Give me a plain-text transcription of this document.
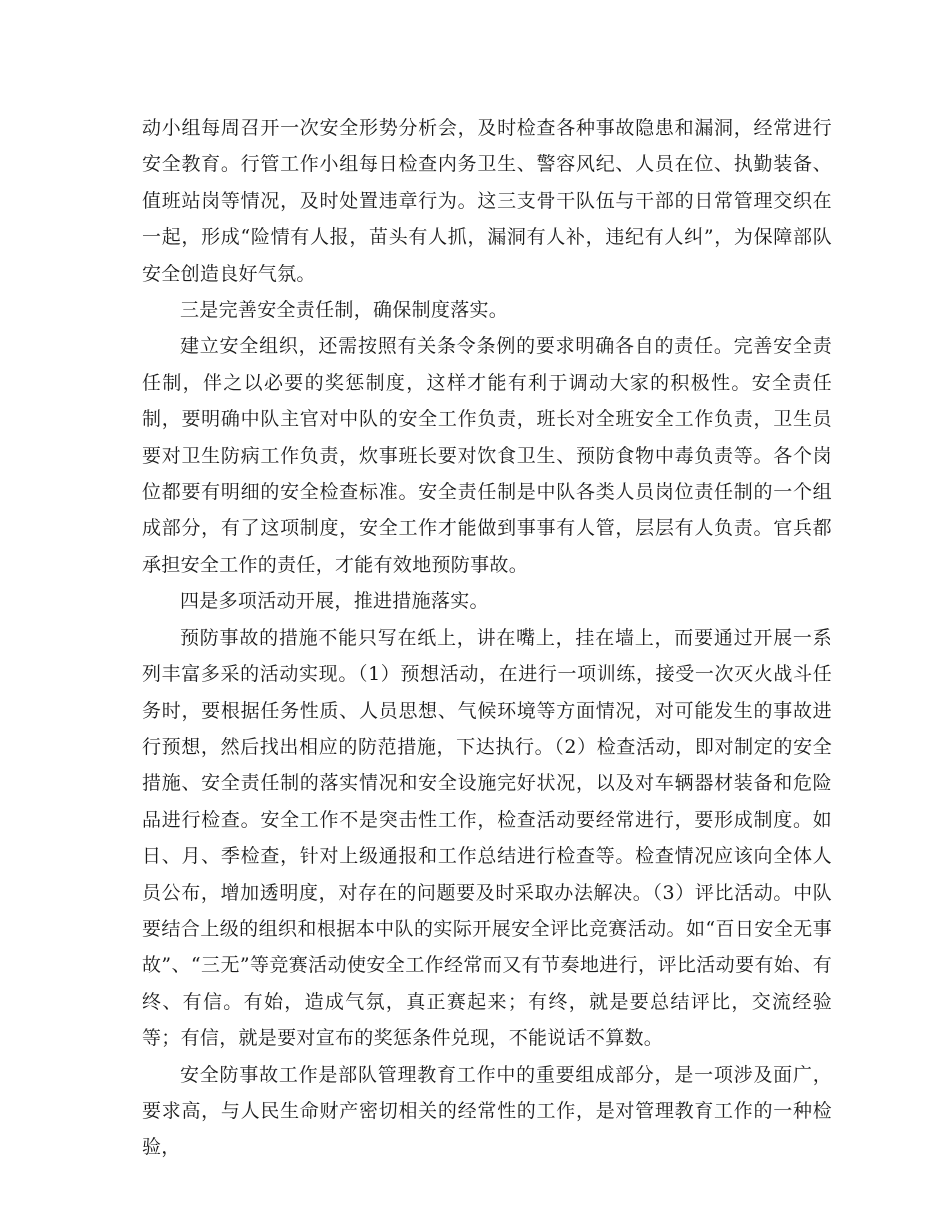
动小组每周召开一次安全形势分析会，及时检查各种事故隐患和漏洞，经常进行安全教育。行管工作小组每日检查内务卫生、警容风纪、人员在位、执勤装备、值班站岗等情况，及时处置违章行为。这三支骨干队伍与干部的日常管理交织在一起，形成“险情有人报，苗头有人抓，漏洞有人补，违纪有人纠”，为保障部队安全创造良好气氛。

三是完善安全责任制，确保制度落实。

建立安全组织，还需按照有关条令条例的要求明确各自的责任。完善安全责任制，伴之以必要的奖惩制度，这样才能有利于调动大家的积极性。安全责任制，要明确中队主官对中队的安全工作负责，班长对全班安全工作负责，卫生员要对卫生防病工作负责，炊事班长要对饮食卫生、预防食物中毒负责等。各个岗位都要有明细的安全检查标准。安全责任制是中队各类人员岗位责任制的一个组成部分，有了这项制度，安全工作才能做到事事有人管，层层有人负责。官兵都承担安全工作的责任，才能有效地预防事故。

四是多项活动开展，推进措施落实。

预防事故的措施不能只写在纸上，讲在嘴上，挂在墙上，而要通过开展一系列丰富多采的活动实现。（1）预想活动，在进行一项训练，接受一次灭火战斗任务时，要根据任务性质、人员思想、气候环境等方面情况，对可能发生的事故进行预想，然后找出相应的防范措施，下达执行。（2）检查活动，即对制定的安全措施、安全责任制的落实情况和安全设施完好状况，以及对车辆器材装备和危险品进行检查。安全工作不是突击性工作，检查活动要经常进行，要形成制度。如日、月、季检查，针对上级通报和工作总结进行检查等。检查情况应该向全体人员公布，增加透明度，对存在的问题要及时采取办法解决。（3）评比活动。中队要结合上级的组织和根据本中队的实际开展安全评比竞赛活动。如“百日安全无事故”、“三无”等竞赛活动使安全工作经常而又有节奏地进行，评比活动要有始、有终、有信。有始，造成气氛，真正赛起来；有终，就是要总结评比，交流经验等；有信，就是要对宣布的奖惩条件兑现，不能说话不算数。

安全防事故工作是部队管理教育工作中的重要组成部分，是一项涉及面广，要求高，与人民生命财产密切相关的经常性的工作，是对管理教育工作的一种检验，
